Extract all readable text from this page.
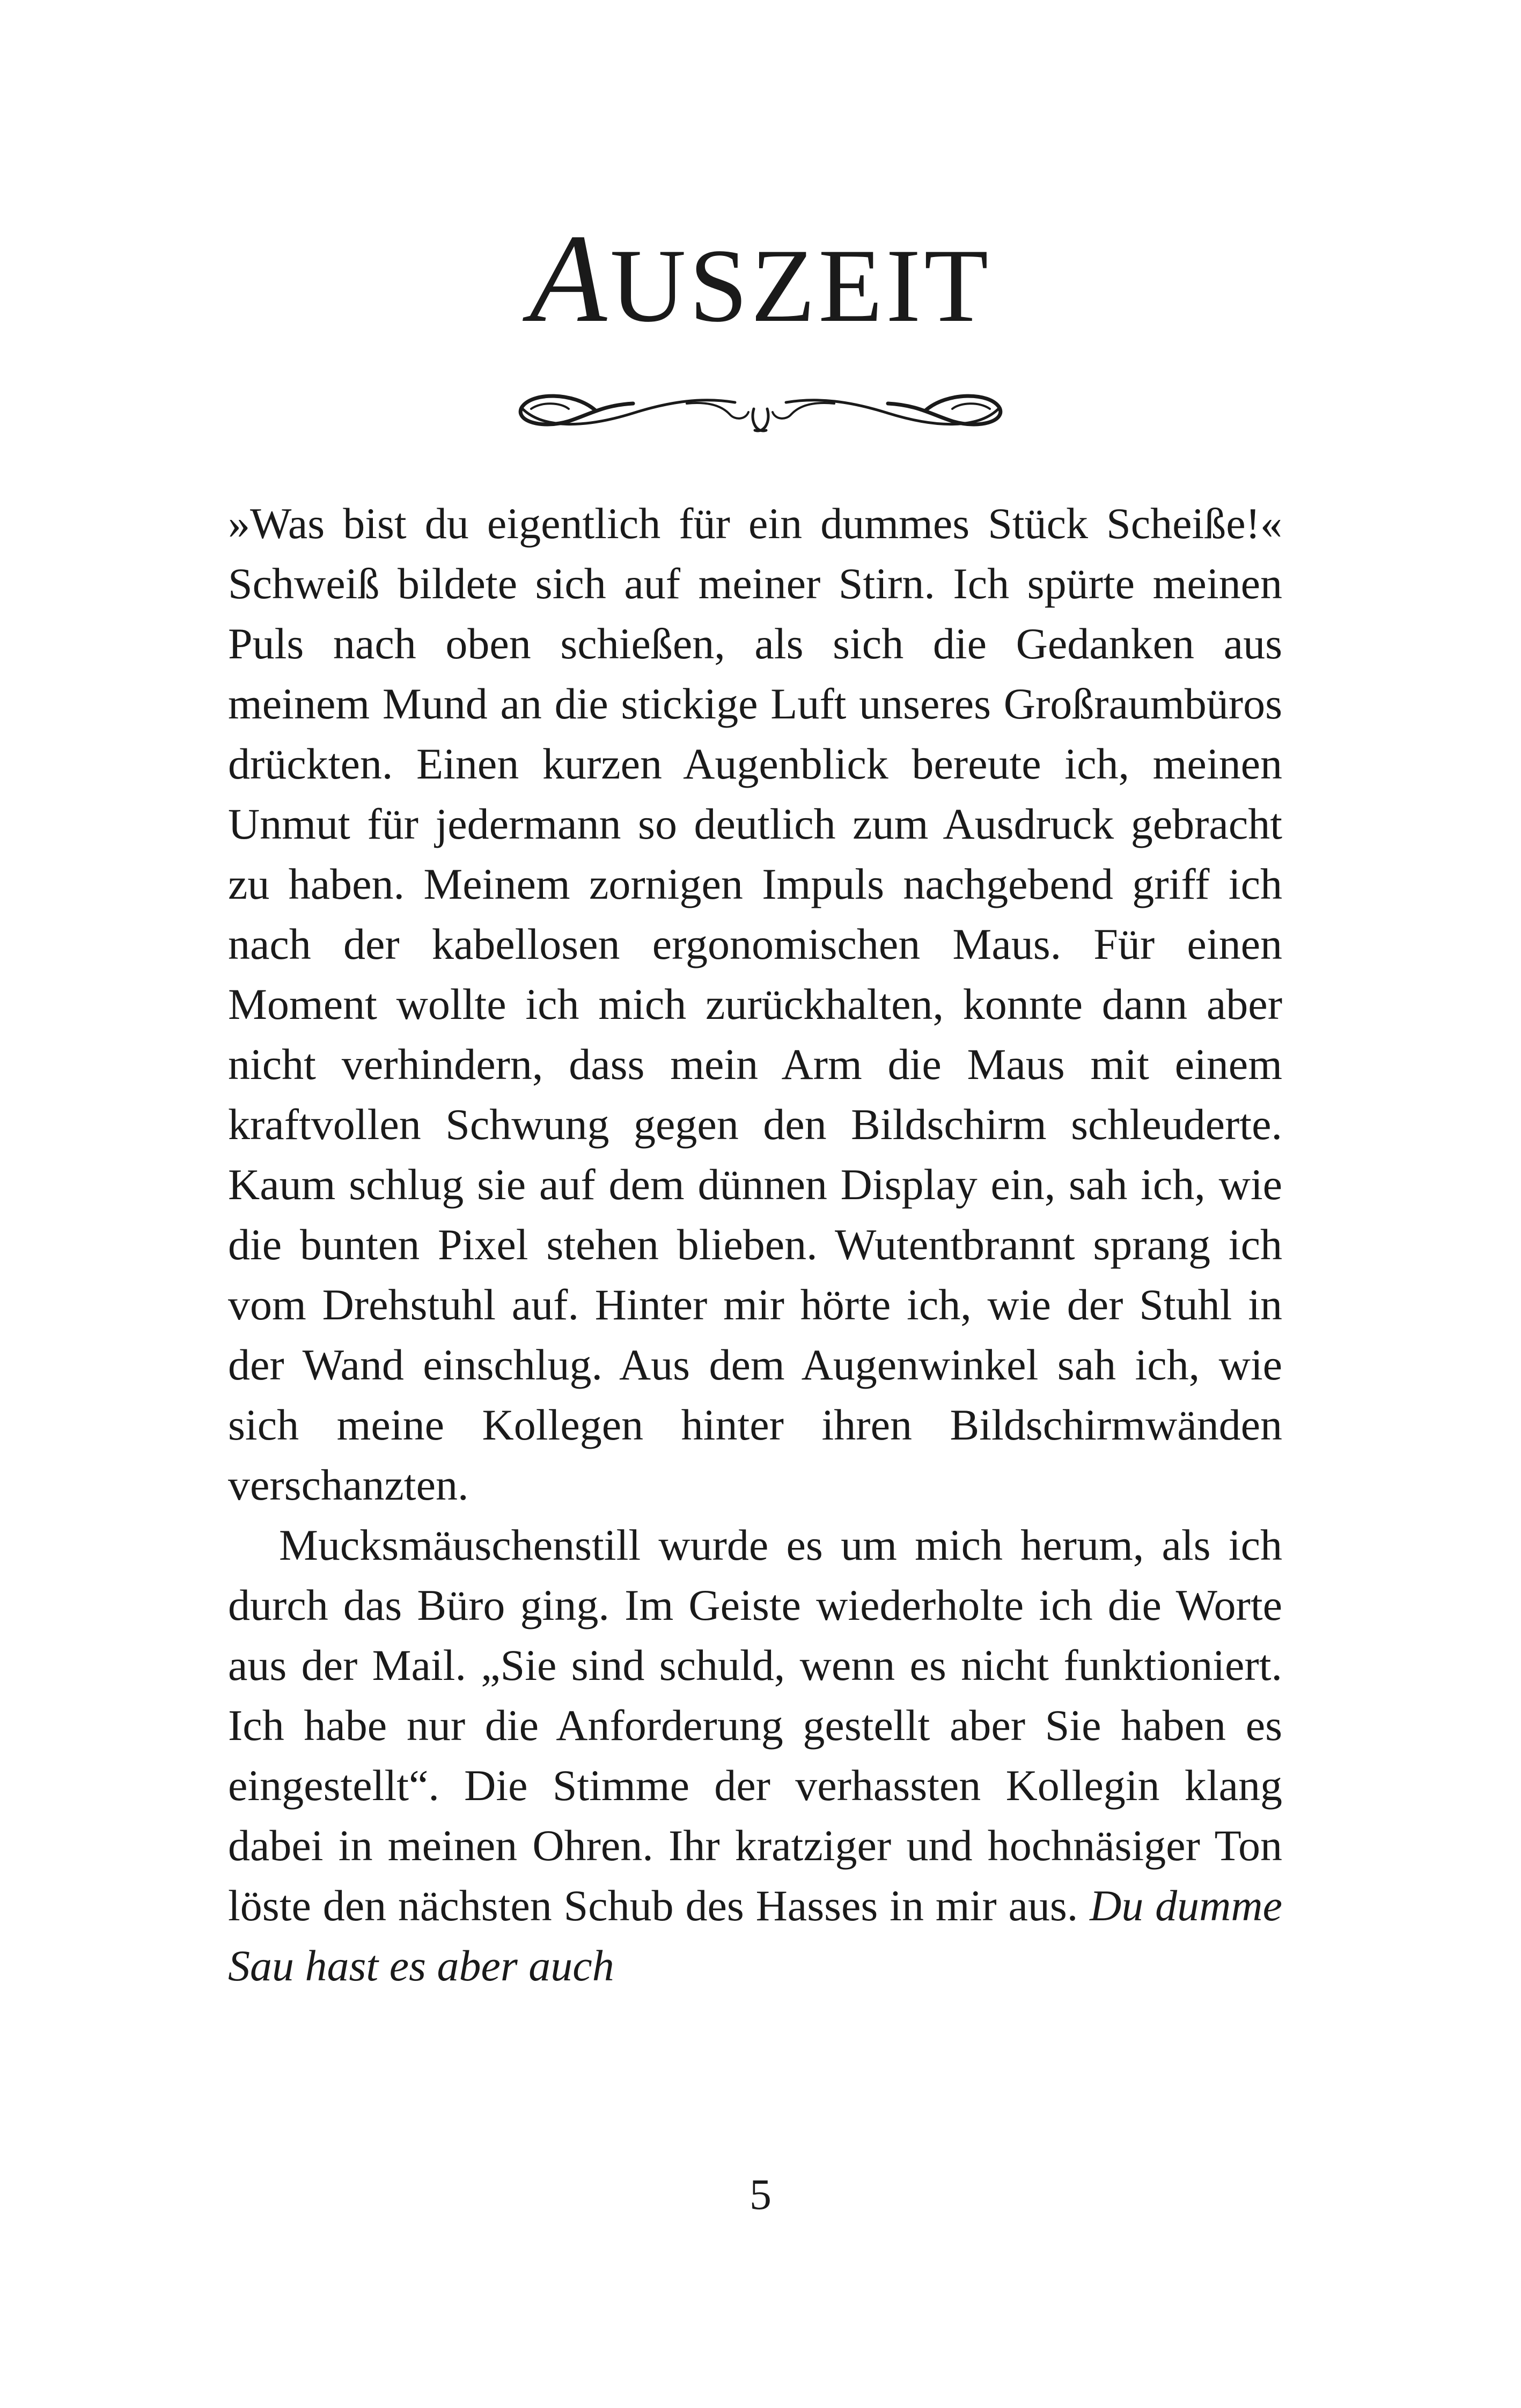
AUSZEIT

»Was bist du eigentlich für ein dummes Stück Scheiße!« Schweiß bildete sich auf meiner Stirn. Ich spürte meinen Puls nach oben schießen, als sich die Gedanken aus meinem Mund an die stickige Luft unseres Großraumbüros drückten. Einen kurzen Augenblick bereute ich, meinen Unmut für jedermann so deutlich zum Ausdruck gebracht zu haben. Meinem zornigen Impuls nachgebend griff ich nach der kabellosen ergonomischen Maus. Für einen Moment wollte ich mich zurückhalten, konnte dann aber nicht verhindern, dass mein Arm die Maus mit einem kraftvollen Schwung gegen den Bildschirm schleuderte. Kaum schlug sie auf dem dünnen Display ein, sah ich, wie die bunten Pixel stehen blieben. Wutentbrannt sprang ich vom Drehstuhl auf. Hinter mir hörte ich, wie der Stuhl in der Wand einschlug. Aus dem Augenwinkel sah ich, wie sich meine Kollegen hinter ihren Bildschirmwänden verschanzten.

Mucksmäuschenstill wurde es um mich herum, als ich durch das Büro ging. Im Geiste wiederholte ich die Worte aus der Mail. „Sie sind schuld, wenn es nicht funktioniert. Ich habe nur die Anforderung gestellt aber Sie haben es eingestellt“. Die Stimme der verhassten Kollegin klang dabei in meinen Ohren. Ihr kratziger und hochnäsiger Ton löste den nächsten Schub des Hasses in mir aus. Du dumme Sau hast es aber auch

5
